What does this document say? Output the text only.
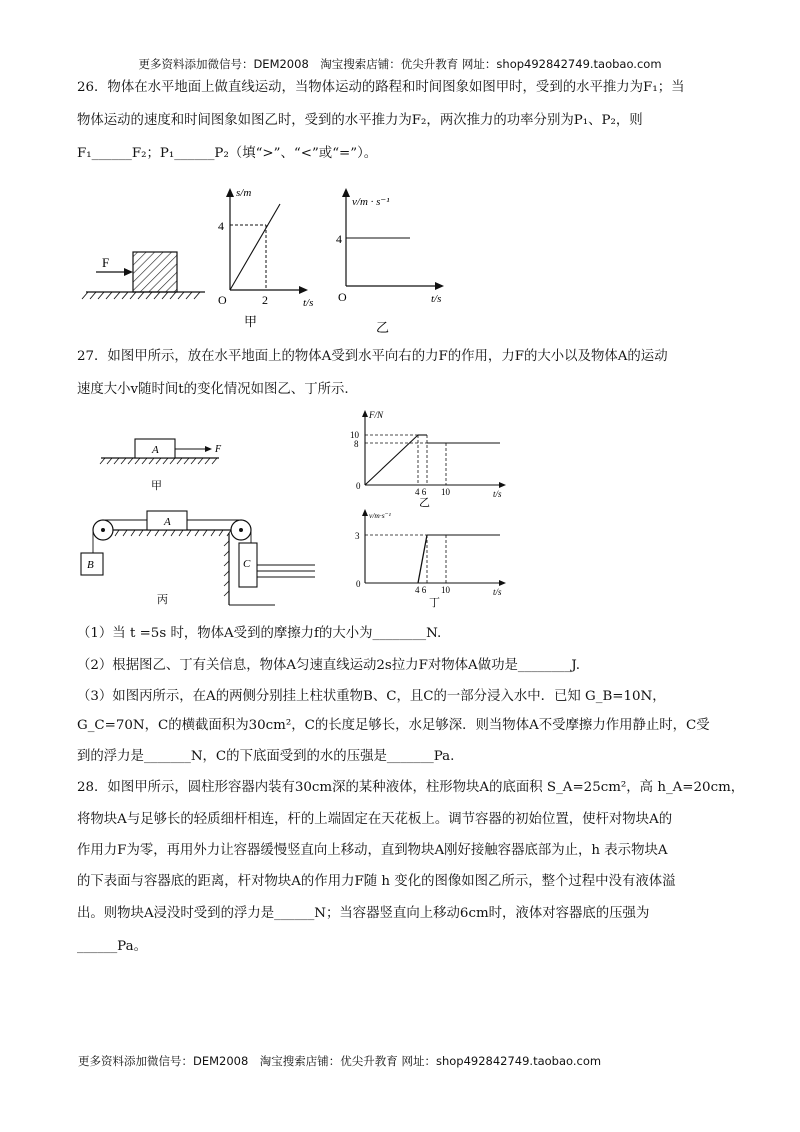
更多资料添加微信号：DEM2008　淘宝搜索店铺：优尖升教育 网址：shop492842749.taobao.com
26．物体在水平地面上做直线运动，当物体运动的路程和时间图象如图甲时，受到的水平推力为F₁；当
物体运动的速度和时间图象如图乙时，受到的水平推力为F₂，两次推力的功率分别为P₁、P₂，则
F₁______F₂；P₁______P₂（填“>”、“<”或“=”）。
F
s/m
4
2	t/s
O
甲
v/m · s⁻¹
4
O	t/s
乙
27．如图甲所示，放在水平地面上的物体A受到水平向右的力F的作用，力F的大小以及物体A的运动
速度大小v随时间t的变化情况如图乙、丁所示.
A	F
甲
A
B	C
丙
F/N
10
8
0
4 6 10	t/s
乙
v/m·s⁻¹
3
0
4 6 10	t/s
丁
（1）当 t =5s 时，物体A受到的摩擦力f的大小为________N.
（2）根据图乙、丁有关信息，物体A匀速直线运动2s拉力F对物体A做功是________J.
（3）如图丙所示，在A的两侧分别挂上柱状重物B、C，且C的一部分浸入水中．已知 G_B=10N，
G_C=70N，C的横截面积为30cm²，C的长度足够长，水足够深．则当物体A不受摩擦力作用静止时，C受
到的浮力是_______N，C的下底面受到的水的压强是_______Pa.
28．如图甲所示，圆柱形容器内装有30cm深的某种液体，柱形物块A的底面积 S_A=25cm²，高 h_A=20cm，
将物块A与足够长的轻质细杆相连，杆的上端固定在天花板上。调节容器的初始位置，使杆对物块A的
作用力F为零，再用外力让容器缓慢竖直向上移动，直到物块A刚好接触容器底部为止，h 表示物块A
的下表面与容器底的距离，杆对物块A的作用力F随 h 变化的图像如图乙所示，整个过程中没有液体溢
出。则物块A浸没时受到的浮力是______N；当容器竖直向上移动6cm时，液体对容器底的压强为
______Pa。
更多资料添加微信号：DEM2008　淘宝搜索店铺：优尖升教育 网址：shop492842749.taobao.com
